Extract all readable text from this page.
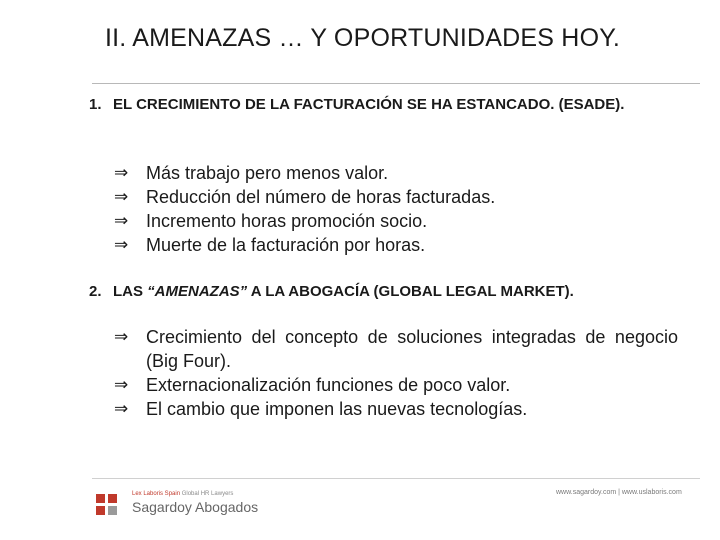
II. AMENAZAS … Y OPORTUNIDADES HOY.
1. EL CRECIMIENTO DE LA FACTURACIÓN SE HA ESTANCADO. (ESADE).
⇒ Más trabajo pero menos valor.
⇒ Reducción del número de horas facturadas.
⇒ Incremento horas promoción socio.
⇒ Muerte de la facturación por horas.
2. LAS “AMENAZAS” A LA ABOGACÍA (GLOBAL LEGAL MARKET).
⇒ Crecimiento del concepto de soluciones integradas de negocio (Big Four).
⇒ Externacionalización funciones de poco valor.
⇒ El cambio que imponen las nuevas tecnologías.
Lex Laboris Spain Global HR Lawyers
Sagardoy Abogados
www.sagardoy.com | www.uslaboris.com
